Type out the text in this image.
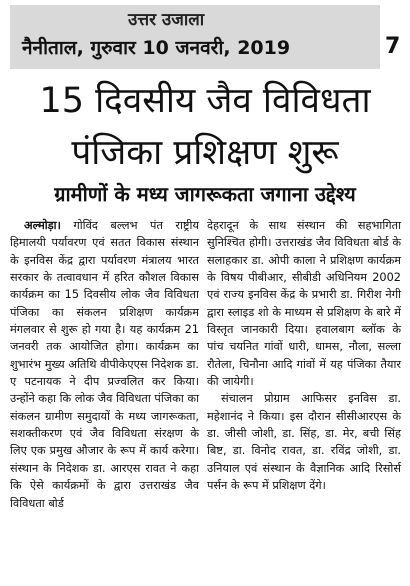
उत्तर उजाला
नैनीताल, गुरुवार 10 जनवरी, 2019	7
15 दिवसीय जैव विविधता
पंजिका प्रशिक्षण शुरू
ग्रामीणों के मध्य जागरूकता जगाना उद्देश्य

अल्मोड़ा। गोविंद बल्लभ पंत राष्ट्रीय हिमालयी पर्यावरण एवं सतत विकास संस्थान के इनविस केंद्र द्वारा पर्यावरण मंत्रालय भारत सरकार के तत्वावधान में हरित कौशल विकास कार्यक्रम का 15 दिवसीय लोक जैव विविधता पंजिका का संकलन प्रशिक्षण कार्यक्रम मंगलवार से शुरू हो गया है। यह कार्यक्रम 21 जनवरी तक आयोजित होगा। कार्यक्रम का शुभारंभ मुख्य अतिथि वीपीकेएएस निदेशक डा. ए पटनायक ने दीप प्रज्वलित कर किया। उन्होंने कहा कि लोक जैव विविधता पंजिका का संकलन ग्रामीण समुदायों के मध्य जागरूकता, सशक्तीकरण एवं जैव विविधता संरक्षण के लिए एक प्रमुख औजार के रूप में कार्य करेगा। संस्थान के निदेशक डा. आरएस रावत ने कहा कि ऐसे कार्यक्रमों के द्वारा उत्तराखंड जैव विविधता बोर्ड

देहरादून के साथ संस्थान की सहभागिता सुनिश्चित होगी। उत्तराखंड जैव विविधता बोर्ड के सलाहकार डा. ओपी काला ने प्रशिक्षण कार्यक्रम के विषय पीबीआर, सीबीडी अधिनियम 2002 एवं राज्य इनविस केंद्र के प्रभारी डा. गिरीश नेगी द्वारा स्लाइड शो के माध्यम से प्रशिक्षण के बारे में विस्तृत जानकारी दिया। हवालबाग ब्लॉक के पांच चयनित गांवों धारी, धामस, नौला, सल्ला रौतेला, चिनौना आदि गांवों में यह पंजिका तैयार की जायेगी।

संचालन प्रोग्राम आफिसर इनविस डा. महेशानंद ने किया। इस दौरान सीसीआरएस के डा. जीसी जोशी, डा. सिंह, डा. मेर, बची सिंह बिष्ट, डा. विनोद रावत, डा. रविंद्र जोशी, डा. उनियाल एवं संस्थान के वैज्ञानिक आदि रिसोर्स पर्सन के रूप में प्रशिक्षण देंगे।
